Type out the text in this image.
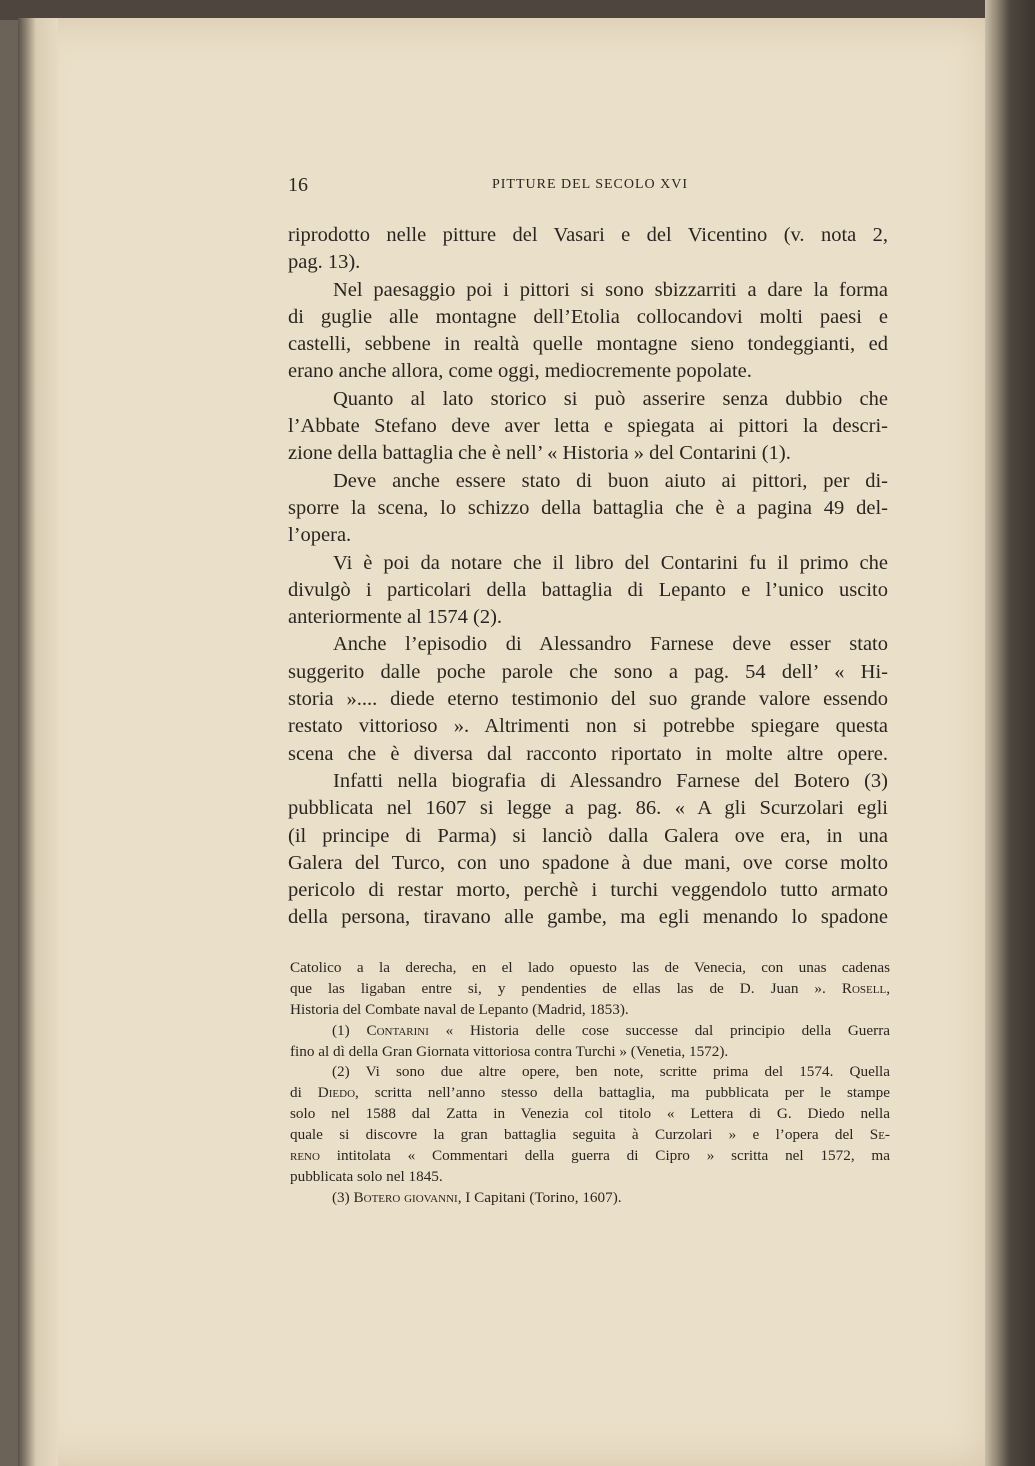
16	PITTURE DEL SECOLO XVI
riprodotto nelle pitture del Vasari e del Vicentino (v. nota 2,
pag. 13).
Nel paesaggio poi i pittori si sono sbizzarriti a dare la forma
di guglie alle montagne dell’Etolia collocandovi molti paesi e
castelli, sebbene in realtà quelle montagne sieno tondeggianti, ed
erano anche allora, come oggi, mediocremente popolate.
Quanto al lato storico si può asserire senza dubbio che
l’Abbate Stefano deve aver letta e spiegata ai pittori la descri-
zione della battaglia che è nell’ « Historia » del Contarini (1).
Deve anche essere stato di buon aiuto ai pittori, per di-
sporre la scena, lo schizzo della battaglia che è a pagina 49 del-
l’opera.
Vi è poi da notare che il libro del Contarini fu il primo che
divulgò i particolari della battaglia di Lepanto e l’unico uscito
anteriormente al 1574 (2).
Anche l’episodio di Alessandro Farnese deve esser stato
suggerito dalle poche parole che sono a pag. 54 dell’ « Hi-
storia ».... diede eterno testimonio del suo grande valore essendo
restato vittorioso ». Altrimenti non si potrebbe spiegare questa
scena che è diversa dal racconto riportato in molte altre opere.
Infatti nella biografia di Alessandro Farnese del Botero (3)
pubblicata nel 1607 si legge a pag. 86. « A gli Scurzolari egli
(il principe di Parma) si lanciò dalla Galera ove era, in una
Galera del Turco, con uno spadone à due mani, ove corse molto
pericolo di restar morto, perchè i turchi veggendolo tutto armato
della persona, tiravano alle gambe, ma egli menando lo spadone
Catolico a la derecha, en el lado opuesto las de Venecia, con unas cadenas
que las ligaban entre si, y pendenties de ellas las de D. Juan ». Rosell,
Historia del Combate naval de Lepanto (Madrid, 1853).
(1) Contarini « Historia delle cose successe dal principio della Guerra
fino al dì della Gran Giornata vittoriosa contra Turchi » (Venetia, 1572).
(2) Vi sono due altre opere, ben note, scritte prima del 1574. Quella
di Diedo, scritta nell’anno stesso della battaglia, ma pubblicata per le stampe
solo nel 1588 dal Zatta in Venezia col titolo « Lettera di G. Diedo nella
quale si discovre la gran battaglia seguita à Curzolari » e l’opera del Se-
reno intitolata « Commentari della guerra di Cipro » scritta nel 1572, ma
pubblicata solo nel 1845.
(3) Botero giovanni, I Capitani (Torino, 1607).
